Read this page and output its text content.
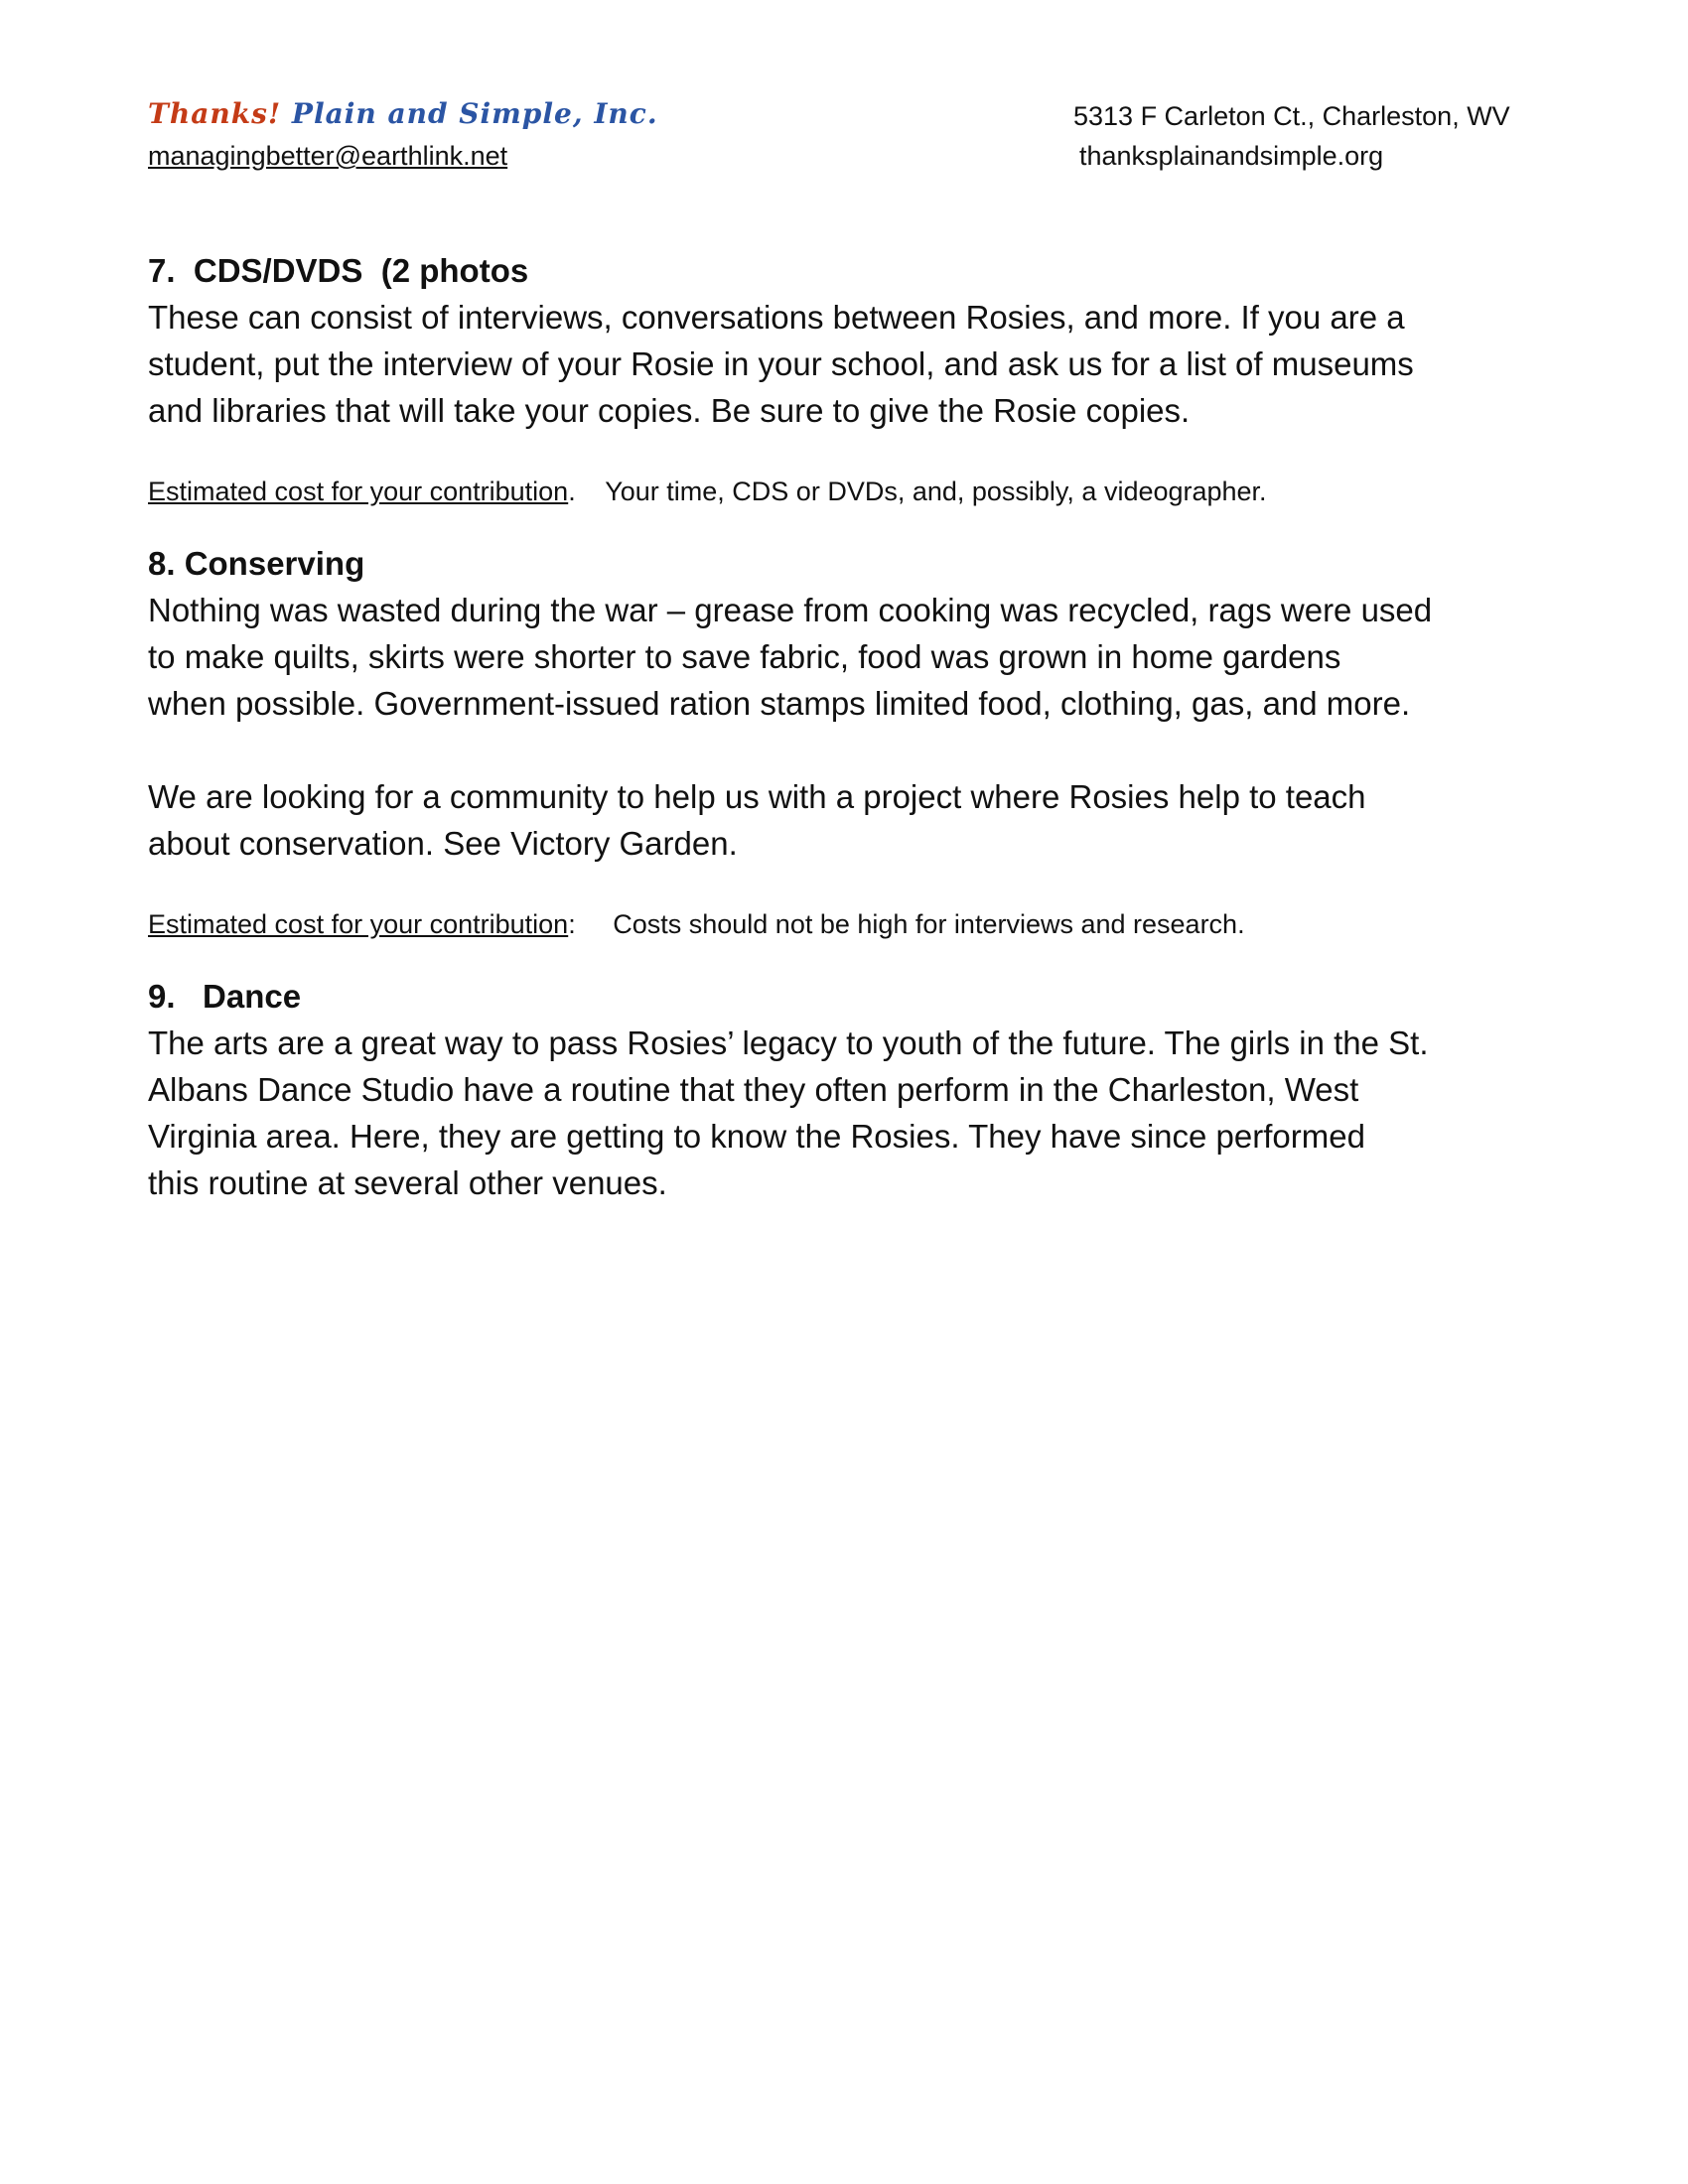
Thanks! Plain and Simple, Inc.
managingbetter@earthlink.net
5313 F Carleton Ct., Charleston, WV
thanksplainandsimple.org

7.  CDS/DVDS  (2 photos

These can consist of interviews, conversations between Rosies, and more. If you are a
student, put the interview of your Rosie in your school, and ask us for a list of museums
and libraries that will take your copies. Be sure to give the Rosie copies.

Estimated cost for your contribution.    Your time, CDS or DVDs, and, possibly, a videographer.

8. Conserving

Nothing was wasted during the war – grease from cooking was recycled, rags were used
to make quilts, skirts were shorter to save fabric, food was grown in home gardens
when possible. Government-issued ration stamps limited food, clothing, gas, and more.

We are looking for a community to help us with a project where Rosies help to teach
about conservation. See Victory Garden.

Estimated cost for your contribution:     Costs should not be high for interviews and research.

9.   Dance

The arts are a great way to pass Rosies’ legacy to youth of the future. The girls in the St.
Albans Dance Studio have a routine that they often perform in the Charleston, West
Virginia area. Here, they are getting to know the Rosies. They have since performed
this routine at several other venues.
